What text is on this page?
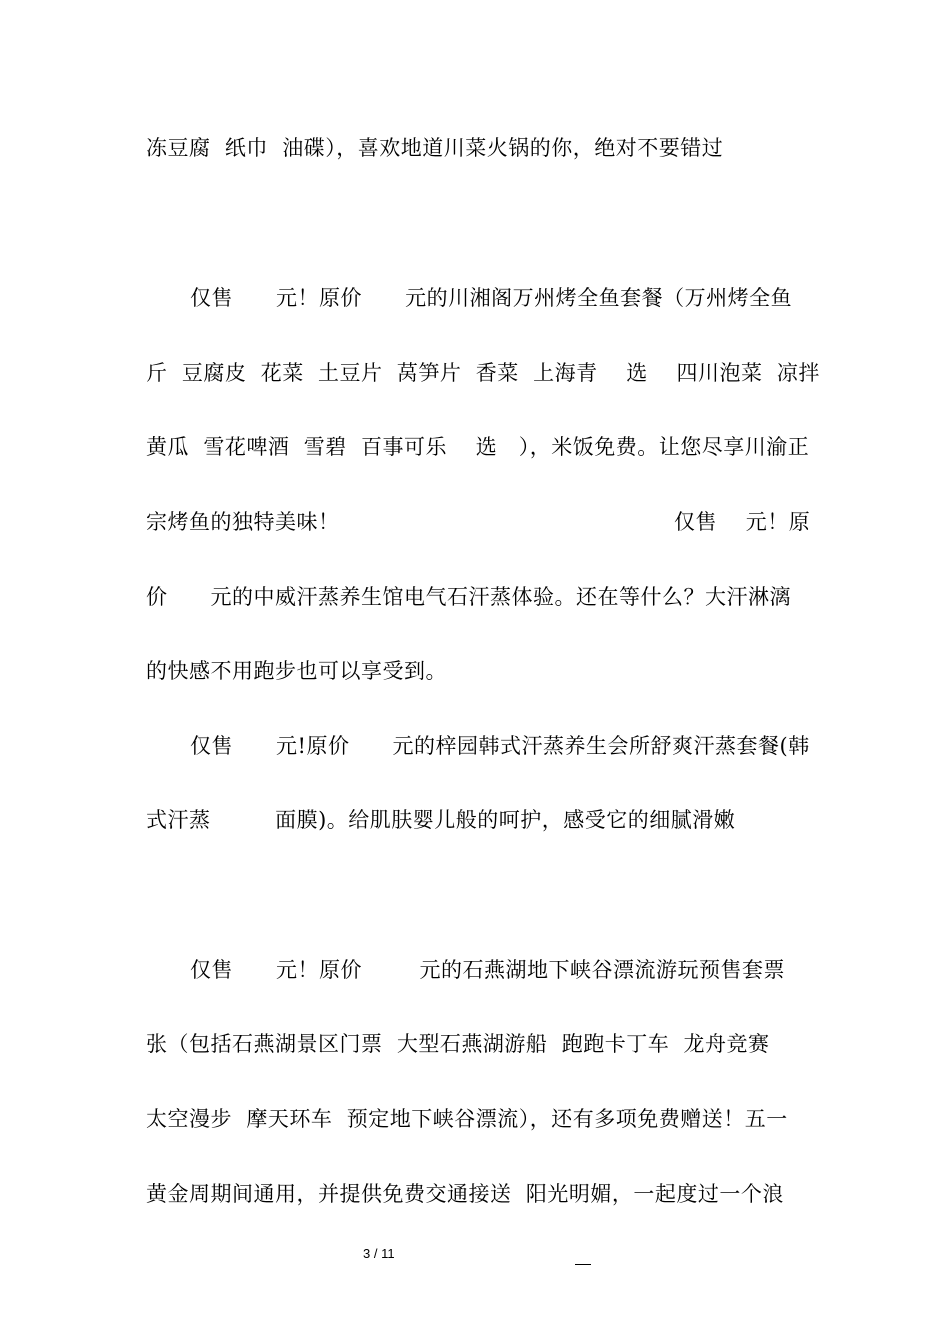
冻豆腐  纸巾  油碟），喜欢地道川菜火锅的你，绝对不要错过
仅售      元！原价      元的川湘阁万州烤全鱼套餐（万州烤全鱼
斤  豆腐皮  花菜  土豆片  莴笋片  香菜  上海青    选    四川泡菜  凉拌
黄瓜  雪花啤酒  雪碧  百事可乐    选   ），米饭免费。让您尽享川渝正
宗烤鱼的独特美味！	仅售    元！原
价      元的中威汗蒸养生馆电气石汗蒸体验。还在等什么？大汗淋漓
的快感不用跑步也可以享受到。
仅售      元!原价      元的梓园韩式汗蒸养生会所舒爽汗蒸套餐(韩
式汗蒸         面膜)。给肌肤婴儿般的呵护，感受它的细腻滑嫩
仅售      元！原价        元的石燕湖地下峡谷漂流游玩预售套票
张（包括石燕湖景区门票  大型石燕湖游船  跑跑卡丁车  龙舟竞赛
太空漫步  摩天环车  预定地下峡谷漂流），还有多项免费赠送！五一
黄金周期间通用，并提供免费交通接送  阳光明媚，一起度过一个浪
3 / 11
